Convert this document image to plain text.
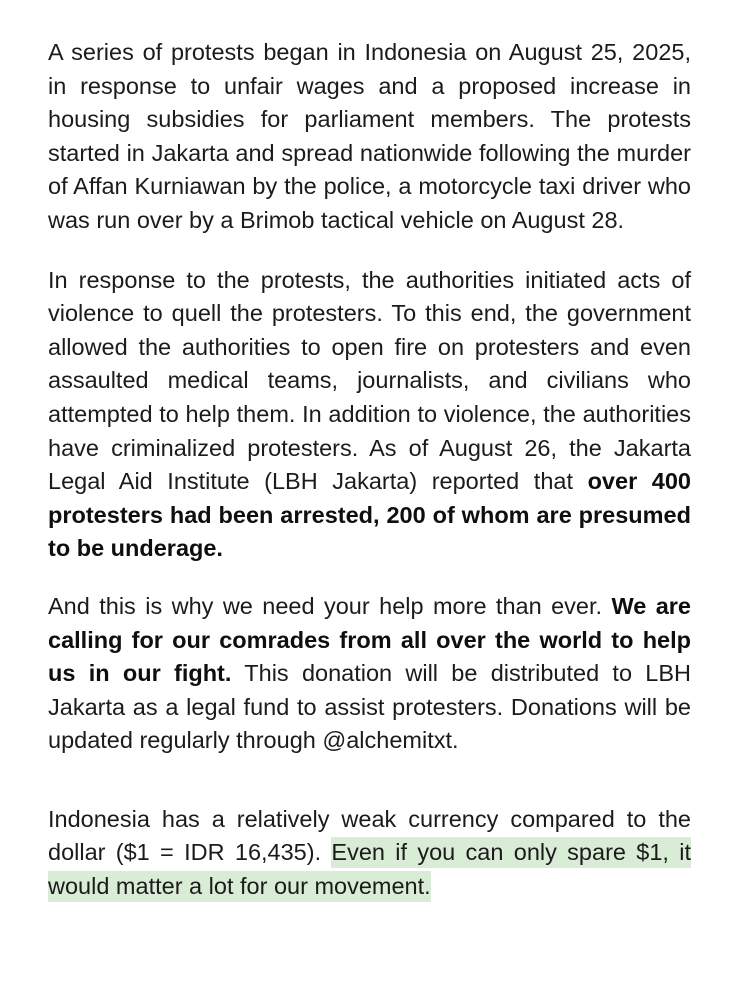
A series of protests began in Indonesia on August 25, 2025, in response to unfair wages and a proposed increase in housing subsidies for parliament members. The protests started in Jakarta and spread nationwide following the murder of Affan Kurniawan by the police, a motorcycle taxi driver who was run over by a Brimob tactical vehicle on August 28.

In response to the protests, the authorities initiated acts of violence to quell the protesters. To this end, the government allowed the authorities to open fire on protesters and even assaulted medical teams, journalists, and civilians who attempted to help them. In addition to violence, the authorities have criminalized protesters. As of August 26, the Jakarta Legal Aid Institute (LBH Jakarta) reported that over 400 protesters had been arrested, 200 of whom are presumed to be underage.

And this is why we need your help more than ever. We are calling for our comrades from all over the world to help us in our fight. This donation will be distributed to LBH Jakarta as a legal fund to assist protesters. Donations will be updated regularly through @alchemitxt.

Indonesia has a relatively weak currency compared to the dollar ($1 = IDR 16,435). Even if you can only spare $1, it would matter a lot for our movement.
